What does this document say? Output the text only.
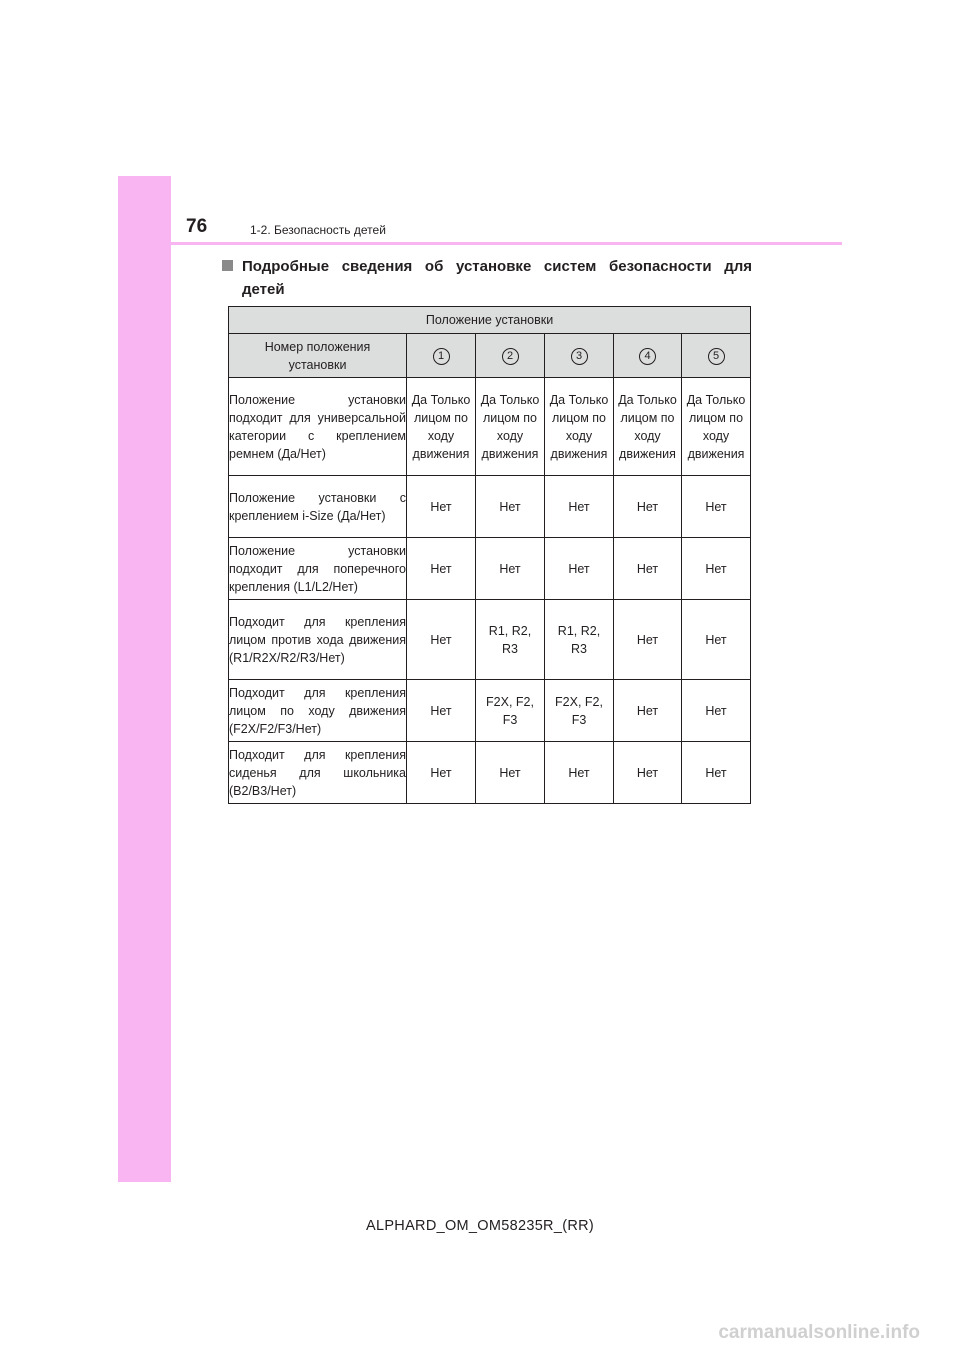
76	1-2. Безопасность детей
Подробные сведения об установке систем безопасности для
детей
Положение установки					
Номер положения установки	1	2	3	4	5
Положение установки подходит для универсальной категории с креплением ремнем (Да/Нет)	Да Только лицом по ходу движения	Да Только лицом по ходу движения	Да Только лицом по ходу движения	Да Только лицом по ходу движения	Да Только лицом по ходу движения
Положение установки с креплением i-Size (Да/Нет)	Нет	Нет	Нет	Нет	Нет
Положение установки подходит для поперечного крепления (L1/L2/Нет)	Нет	Нет	Нет	Нет	Нет
Подходит для крепления лицом против хода движения (R1/R2X/R2/R3/Нет)	Нет	R1, R2, R3	R1, R2, R3	Нет	Нет
Подходит для крепления лицом по ходу движения (F2X/F2/F3/Нет)	Нет	F2X, F2, F3	F2X, F2, F3	Нет	Нет
Подходит для крепления сиденья для школьника (B2/B3/Нет)	Нет	Нет	Нет	Нет	Нет
ALPHARD_OM_OM58235R_(RR)
carmanualsonline.info
